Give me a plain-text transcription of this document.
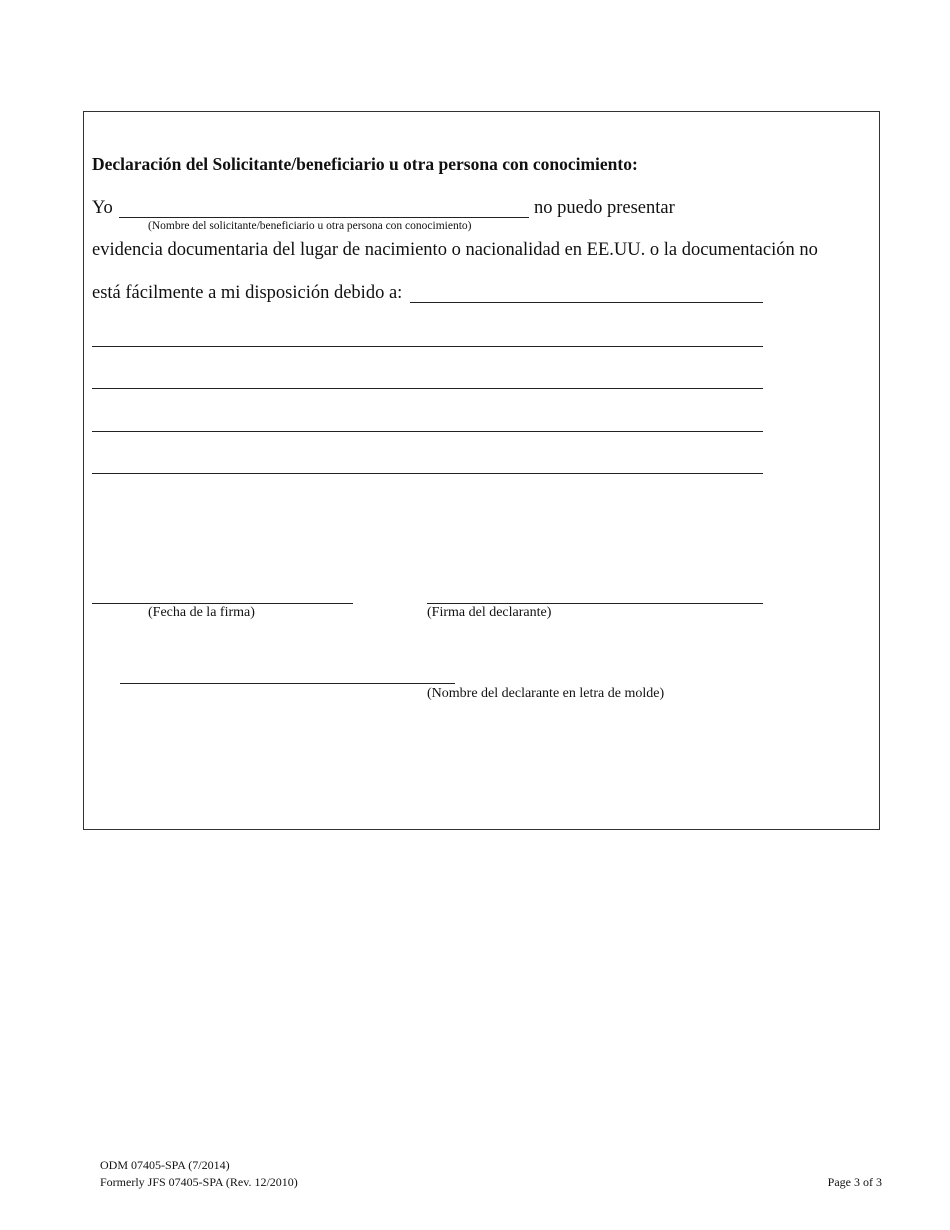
Declaración del Solicitante/beneficiario u otra persona con conocimiento:
Yo
(Nombre del solicitante/beneficiario u otra persona con conocimiento)
no puedo presentar
evidencia documentaria del lugar de nacimiento o nacionalidad en EE.UU. o la documentación no
está fácilmente a mi disposición debido a:
(Fecha de la firma)	(Firma del declarante)
(Nombre del declarante en letra de molde)
ODM 07405-SPA (7/2014)
Formerly JFS 07405-SPA (Rev. 12/2010)	Page 3 of 3
